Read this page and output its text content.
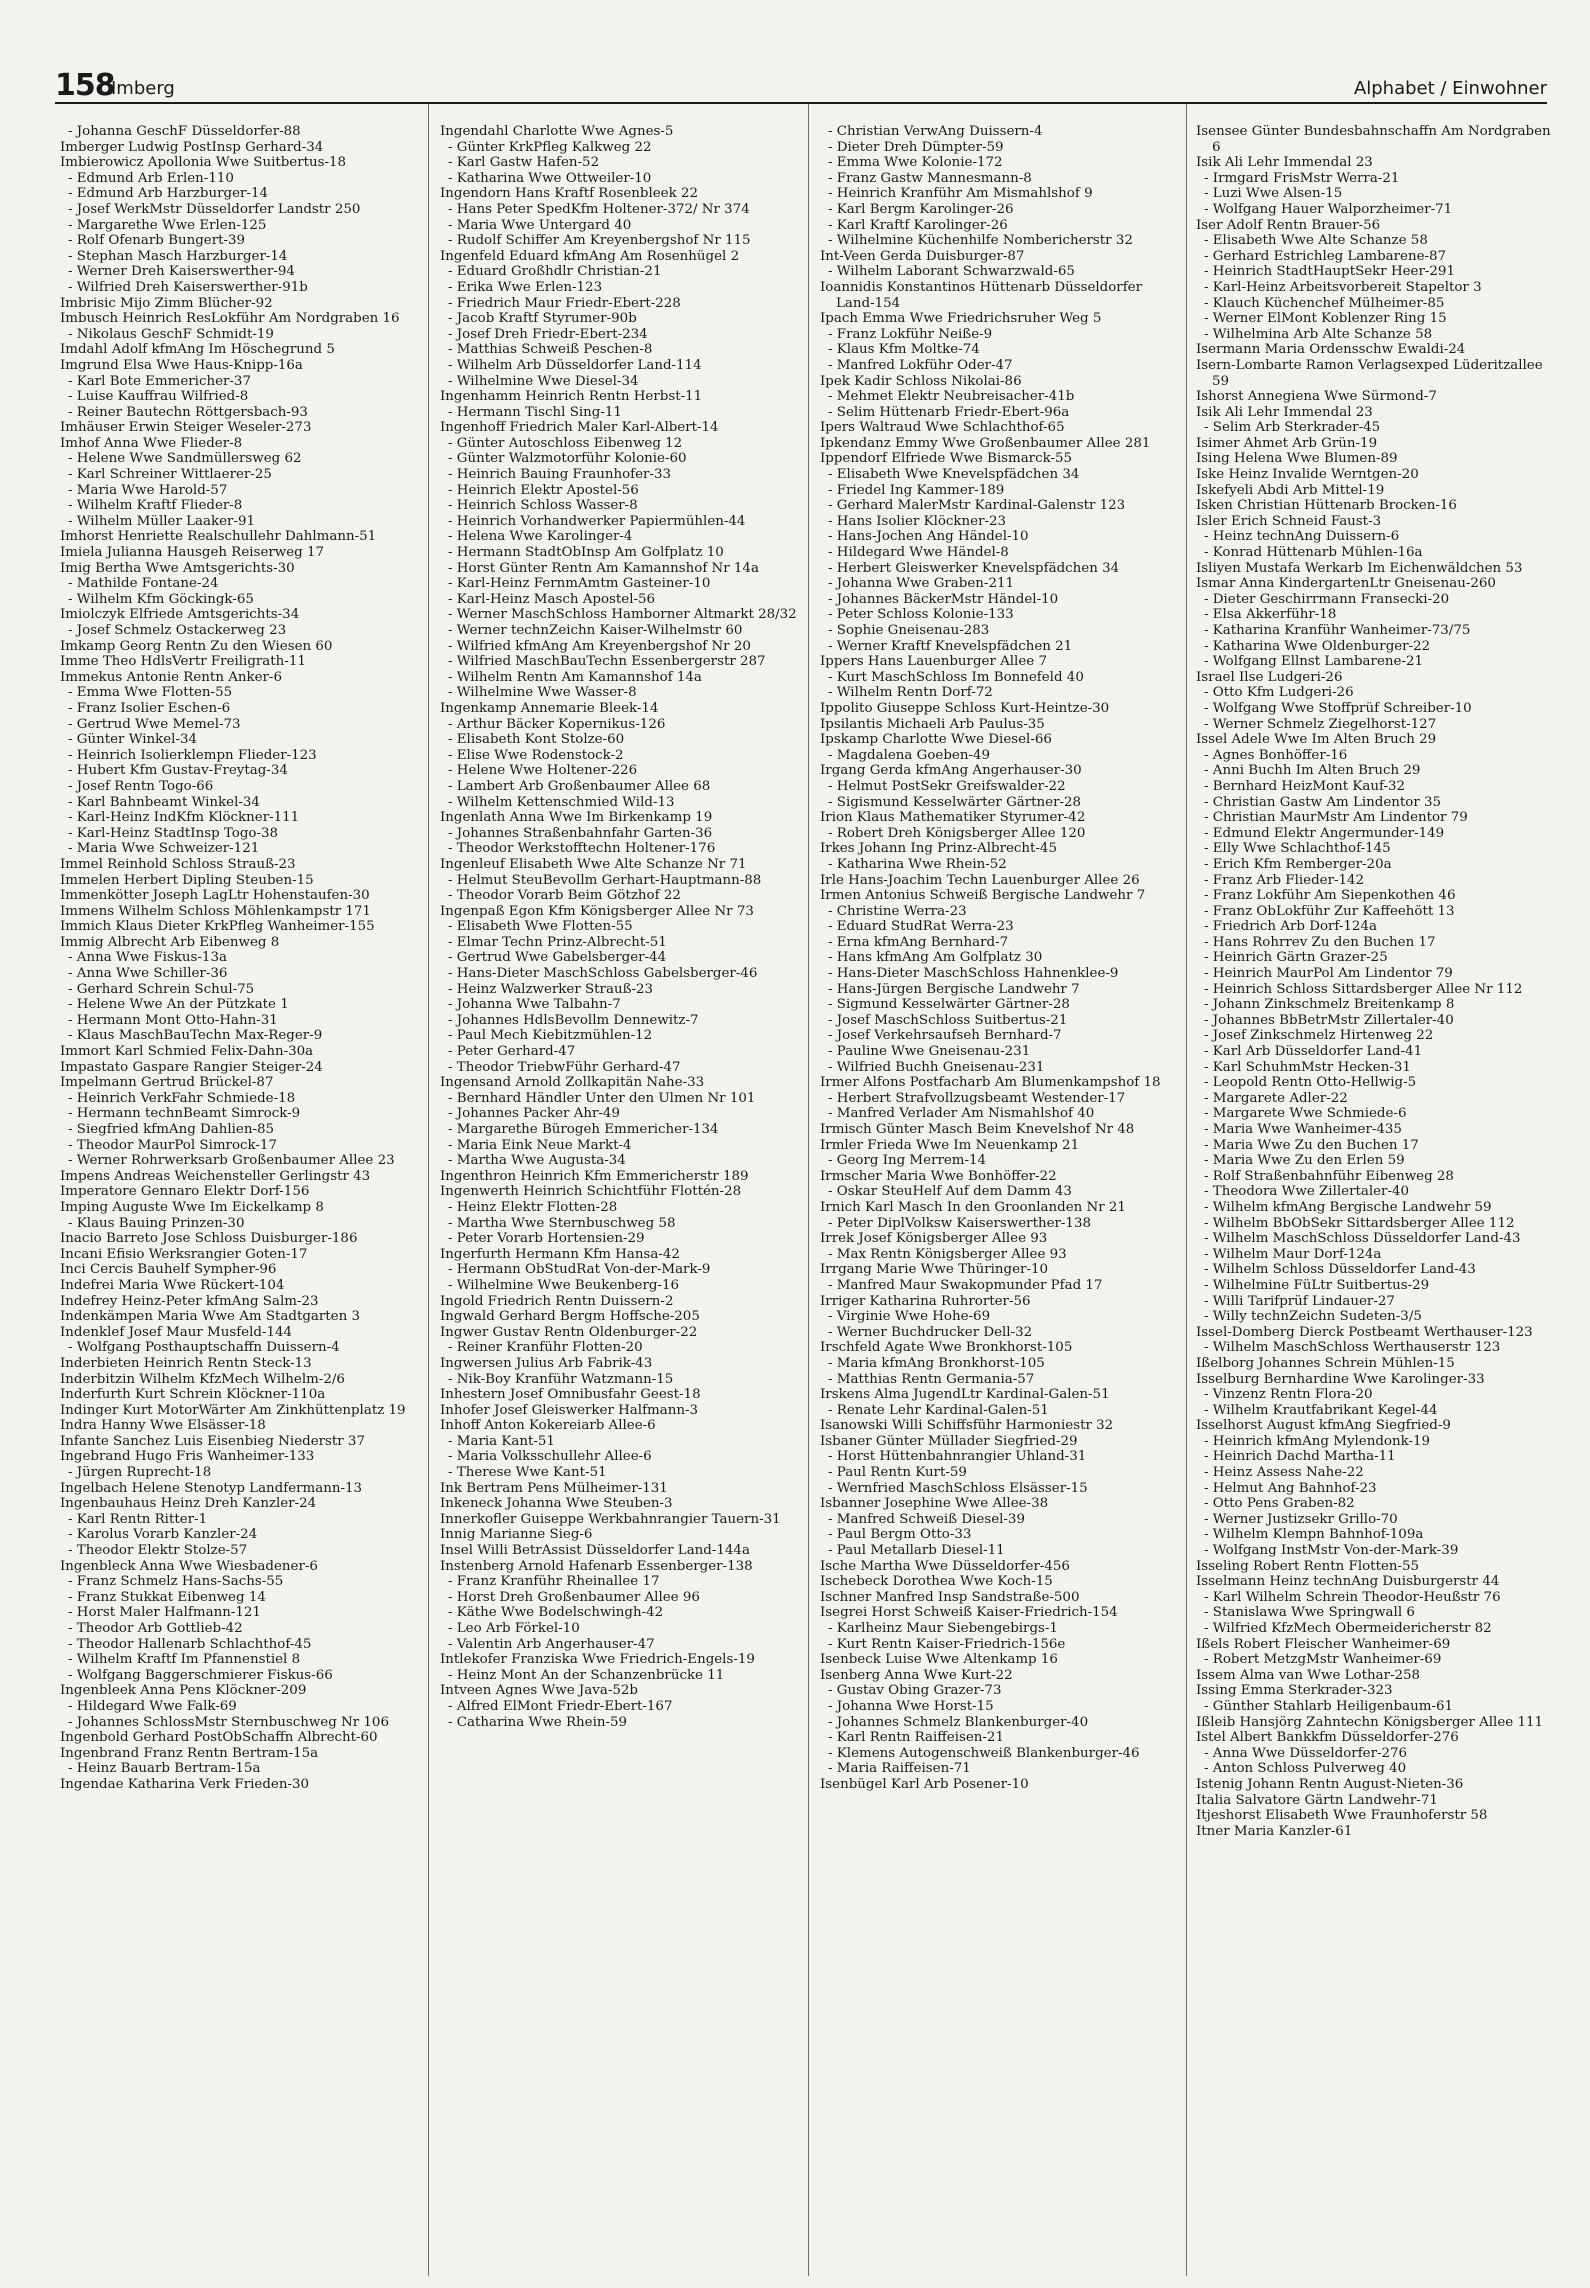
158
Imberg	Alphabet / Einwohner
- Johanna GeschF Düsseldorfer-88
Imberger Ludwig PostInsp Gerhard-34
Imbierowicz Apollonia Wwe Suitbertus-18
- Edmund Arb Erlen-110
- Edmund Arb Harzburger-14
- Josef WerkMstr Düsseldorfer Landstr 250
- Margarethe Wwe Erlen-125
- Rolf Ofenarb Bungert-39
- Stephan Masch Harzburger-14
- Werner Dreh Kaiserswerther-94
- Wilfried Dreh Kaiserswerther-91b
Imbrisic Mijo Zimm Blücher-92
Imbusch Heinrich ResLokführ Am Nordgraben 16
- Nikolaus GeschF Schmidt-19
Imdahl Adolf kfmAng Im Höschegrund 5
Imgrund Elsa Wwe Haus-Knipp-16a
- Karl Bote Emmericher-37
- Luise Kauffrau Wilfried-8
- Reiner Bautechn Röttgersbach-93
Imhäuser Erwin Steiger Weseler-273
Imhof Anna Wwe Flieder-8
- Helene Wwe Sandmüllersweg 62
- Karl Schreiner Wittlaerer-25
- Maria Wwe Harold-57
- Wilhelm Kraftf Flieder-8
- Wilhelm Müller Laaker-91
Imhorst Henriette Realschullehr Dahlmann-51
Imiela Julianna Hausgeh Reiserweg 17
Imig Bertha Wwe Amtsgerichts-30
- Mathilde Fontane-24
- Wilhelm Kfm Göckingk-65
Imiolczyk Elfriede Amtsgerichts-34
- Josef Schmelz Ostackerweg 23
Imkamp Georg Rentn Zu den Wiesen 60
Imme Theo HdlsVertr Freiligrath-11
Immekus Antonie Rentn Anker-6
- Emma Wwe Flotten-55
- Franz Isolier Eschen-6
- Gertrud Wwe Memel-73
- Günter Winkel-34
- Heinrich Isolierklempn Flieder-123
- Hubert Kfm Gustav-Freytag-34
- Josef Rentn Togo-66
- Karl Bahnbeamt Winkel-34
- Karl-Heinz IndKfm Klöckner-111
- Karl-Heinz StadtInsp Togo-38
- Maria Wwe Schweizer-121
Immel Reinhold Schloss Strauß-23
Immelen Herbert Dipling Steuben-15
Immenkötter Joseph LagLtr Hohenstaufen-30
Immens Wilhelm Schloss Möhlenkampstr 171
Immich Klaus Dieter KrkPfleg Wanheimer-155
Immig Albrecht Arb Eibenweg 8
- Anna Wwe Fiskus-13a
- Anna Wwe Schiller-36
- Gerhard Schrein Schul-75
- Helene Wwe An der Pützkate 1
- Hermann Mont Otto-Hahn-31
- Klaus MaschBauTechn Max-Reger-9
Immort Karl Schmied Felix-Dahn-30a
Impastato Gaspare Rangier Steiger-24
Impelmann Gertrud Brückel-87
- Heinrich VerkFahr Schmiede-18
- Hermann technBeamt Simrock-9
- Siegfried kfmAng Dahlien-85
- Theodor MaurPol Simrock-17
- Werner Rohrwerksarb Großenbaumer Allee 23
Impens Andreas Weichensteller Gerlingstr 43
Imperatore Gennaro Elektr Dorf-156
Imping Auguste Wwe Im Eickelkamp 8
- Klaus Bauing Prinzen-30
Inacio Barreto Jose Schloss Duisburger-186
Incani Efisio Werksrangier Goten-17
Inci Cercis Bauhelf Sympher-96
Indefrei Maria Wwe Rückert-104
Indefrey Heinz-Peter kfmAng Salm-23
Indenkämpen Maria Wwe Am Stadtgarten 3
Indenklef Josef Maur Musfeld-144
- Wolfgang Posthauptschaffn Duissern-4
Inderbieten Heinrich Rentn Steck-13
Inderbitzin Wilhelm KfzMech Wilhelm-2/6
Inderfurth Kurt Schrein Klöckner-110a
Indinger Kurt MotorWärter Am Zinkhüttenplatz 19
Indra Hanny Wwe Elsässer-18
Infante Sanchez Luis Eisenbieg Niederstr 37
Ingebrand Hugo Fris Wanheimer-133
- Jürgen Ruprecht-18
Ingelbach Helene Stenotyp Landfermann-13
Ingenbauhaus Heinz Dreh Kanzler-24
- Karl Rentn Ritter-1
- Karolus Vorarb Kanzler-24
- Theodor Elektr Stolze-57
Ingenbleck Anna Wwe Wiesbadener-6
- Franz Schmelz Hans-Sachs-55
- Franz Stukkat Eibenweg 14
- Horst Maler Halfmann-121
- Theodor Arb Gottlieb-42
- Theodor Hallenarb Schlachthof-45
- Wilhelm Kraftf Im Pfannenstiel 8
- Wolfgang Baggerschmierer Fiskus-66
Ingenbleek Anna Pens Klöckner-209
- Hildegard Wwe Falk-69
- Johannes SchlossMstr Sternbuschweg Nr 106
Ingenbold Gerhard PostObSchaffn Albrecht-60
Ingenbrand Franz Rentn Bertram-15a
- Heinz Bauarb Bertram-15a
Ingendae Katharina Verk Frieden-30
Ingendahl Charlotte Wwe Agnes-5
- Günter KrkPfleg Kalkweg 22
- Karl Gastw Hafen-52
- Katharina Wwe Ottweiler-10
Ingendorn Hans Kraftf Rosenbleek 22
- Hans Peter SpedKfm Holtener-372/ Nr 374
- Maria Wwe Untergard 40
- Rudolf Schiffer Am Kreyenbergshof Nr 115
Ingenfeld Eduard kfmAng Am Rosenhügel 2
- Eduard Großhdlr Christian-21
- Erika Wwe Erlen-123
- Friedrich Maur Friedr-Ebert-228
- Jacob Kraftf Styrumer-90b
- Josef Dreh Friedr-Ebert-234
- Matthias Schweiß Peschen-8
- Wilhelm Arb Düsseldorfer Land-114
- Wilhelmine Wwe Diesel-34
Ingenhamm Heinrich Rentn Herbst-11
- Hermann Tischl Sing-11
Ingenhoff Friedrich Maler Karl-Albert-14
- Günter Autoschloss Eibenweg 12
- Günter Walzmotorführ Kolonie-60
- Heinrich Bauing Fraunhofer-33
- Heinrich Elektr Apostel-56
- Heinrich Schloss Wasser-8
- Heinrich Vorhandwerker Papiermühlen-44
- Helena Wwe Karolinger-4
- Hermann StadtObInsp Am Golfplatz 10
- Horst Günter Rentn Am Kamannshof Nr 14a
- Karl-Heinz FernmAmtm Gasteiner-10
- Karl-Heinz Masch Apostel-56
- Werner MaschSchloss Hamborner Altmarkt 28/32
- Werner technZeichn Kaiser-Wilhelmstr 60
- Wilfried kfmAng Am Kreyenbergshof Nr 20
- Wilfried MaschBauTechn Essenbergerstr 287
- Wilhelm Rentn Am Kamannshof 14a
- Wilhelmine Wwe Wasser-8
Ingenkamp Annemarie Bleek-14
- Arthur Bäcker Kopernikus-126
- Elisabeth Kont Stolze-60
- Elise Wwe Rodenstock-2
- Helene Wwe Holtener-226
- Lambert Arb Großenbaumer Allee 68
- Wilhelm Kettenschmied Wild-13
Ingenlath Anna Wwe Im Birkenkamp 19
- Johannes Straßenbahnfahr Garten-36
- Theodor Werkstofftechn Holtener-176
Ingenleuf Elisabeth Wwe Alte Schanze Nr 71
- Helmut SteuBevollm Gerhart-Hauptmann-88
- Theodor Vorarb Beim Götzhof 22
Ingenpaß Egon Kfm Königsberger Allee Nr 73
- Elisabeth Wwe Flotten-55
- Elmar Techn Prinz-Albrecht-51
- Gertrud Wwe Gabelsberger-44
- Hans-Dieter MaschSchloss Gabelsberger-46
- Heinz Walzwerker Strauß-23
- Johanna Wwe Talbahn-7
- Johannes HdlsBevollm Dennewitz-7
- Paul Mech Kiebitzmühlen-12
- Peter Gerhard-47
- Theodor TriebwFühr Gerhard-47
Ingensand Arnold Zollkapitän Nahe-33
- Bernhard Händler Unter den Ulmen Nr 101
- Johannes Packer Ahr-49
- Margarethe Bürogeh Emmericher-134
- Maria Eink Neue Markt-4
- Martha Wwe Augusta-34
Ingenthron Heinrich Kfm Emmericherstr 189
Ingenwerth Heinrich Schichtführ Flottén-28
- Heinz Elektr Flotten-28
- Martha Wwe Sternbuschweg 58
- Peter Vorarb Hortensien-29
Ingerfurth Hermann Kfm Hansa-42
- Hermann ObStudRat Von-der-Mark-9
- Wilhelmine Wwe Beukenberg-16
Ingold Friedrich Rentn Duissern-2
Ingwald Gerhard Bergm Hoffsche-205
Ingwer Gustav Rentn Oldenburger-22
- Reiner Kranführ Flotten-20
Ingwersen Julius Arb Fabrik-43
- Nik-Boy Kranführ Watzmann-15
Inhestern Josef Omnibusfahr Geest-18
Inhofer Josef Gleiswerker Halfmann-3
Inhoff Anton Kokereiarb Allee-6
- Maria Kant-51
- Maria Volksschullehr Allee-6
- Therese Wwe Kant-51
Ink Bertram Pens Mülheimer-131
Inkeneck Johanna Wwe Steuben-3
Innerkofler Guiseppe Werkbahnrangier Tauern-31
Innig Marianne Sieg-6
Insel Willi BetrAssist Düsseldorfer Land-144a
Instenberg Arnold Hafenarb Essenberger-138
- Franz Kranführ Rheinallee 17
- Horst Dreh Großenbaumer Allee 96
- Käthe Wwe Bodelschwingh-42
- Leo Arb Förkel-10
- Valentin Arb Angerhauser-47
Intlekofer Franziska Wwe Friedrich-Engels-19
- Heinz Mont An der Schanzenbrücke 11
Intveen Agnes Wwe Java-52b
- Alfred ElMont Friedr-Ebert-167
- Catharina Wwe Rhein-59
- Christian VerwAng Duissern-4
- Dieter Dreh Dümpter-59
- Emma Wwe Kolonie-172
- Franz Gastw Mannesmann-8
- Heinrich Kranführ Am Mismahlshof 9
- Karl Bergm Karolinger-26
- Karl Kraftf Karolinger-26
- Wilhelmine Küchenhilfe Nombericherstr 32
Int-Veen Gerda Duisburger-87
- Wilhelm Laborant Schwarzwald-65
Ioannidis Konstantinos Hüttenarb Düsseldorfer Land-154
Ipach Emma Wwe Friedrichsruher Weg 5
- Franz Lokführ Neiße-9
- Klaus Kfm Moltke-74
- Manfred Lokführ Oder-47
Ipek Kadir Schloss Nikolai-86
- Mehmet Elektr Neubreisacher-41b
- Selim Hüttenarb Friedr-Ebert-96a
Ipers Waltraud Wwe Schlachthof-65
Ipkendanz Emmy Wwe Großenbaumer Allee 281
Ippendorf Elfriede Wwe Bismarck-55
- Elisabeth Wwe Knevelspfädchen 34
- Friedel Ing Kammer-189
- Gerhard MalerMstr Kardinal-Galenstr 123
- Hans Isolier Klöckner-23
- Hans-Jochen Ang Händel-10
- Hildegard Wwe Händel-8
- Herbert Gleiswerker Knevelspfädchen 34
- Johanna Wwe Graben-211
- Johannes BäckerMstr Händel-10
- Peter Schloss Kolonie-133
- Sophie Gneisenau-283
- Werner Kraftf Knevelspfädchen 21
Ippers Hans Lauenburger Allee 7
- Kurt MaschSchloss Im Bonnefeld 40
- Wilhelm Rentn Dorf-72
Ippolito Giuseppe Schloss Kurt-Heintze-30
Ipsilantis Michaeli Arb Paulus-35
Ipskamp Charlotte Wwe Diesel-66
- Magdalena Goeben-49
Irgang Gerda kfmAng Angerhauser-30
- Helmut PostSekr Greifswalder-22
- Sigismund Kesselwärter Gärtner-28
Irion Klaus Mathematiker Styrumer-42
- Robert Dreh Königsberger Allee 120
Irkes Johann Ing Prinz-Albrecht-45
- Katharina Wwe Rhein-52
Irle Hans-Joachim Techn Lauenburger Allee 26
Irmen Antonius Schweiß Bergische Landwehr 7
- Christine Werra-23
- Eduard StudRat Werra-23
- Erna kfmAng Bernhard-7
- Hans kfmAng Am Golfplatz 30
- Hans-Dieter MaschSchloss Hahnenklee-9
- Hans-Jürgen Bergische Landwehr 7
- Sigmund Kesselwärter Gärtner-28
- Josef MaschSchloss Suitbertus-21
- Josef Verkehrsaufseh Bernhard-7
- Pauline Wwe Gneisenau-231
- Wilfried Buchh Gneisenau-231
Irmer Alfons Postfacharb Am Blumenkampshof 18
- Herbert Strafvollzugsbeamt Westender-17
- Manfred Verlader Am Nismahlshof 40
Irmisch Günter Masch Beim Knevelshof Nr 48
Irmler Frieda Wwe Im Neuenkamp 21
- Georg Ing Merrem-14
Irmscher Maria Wwe Bonhöffer-22
- Oskar SteuHelf Auf dem Damm 43
Irnich Karl Masch In den Groonlanden Nr 21
- Peter DiplVolksw Kaiserswerther-138
Irrek Josef Königsberger Allee 93
- Max Rentn Königsberger Allee 93
Irrgang Marie Wwe Thüringer-10
- Manfred Maur Swakopmunder Pfad 17
Irriger Katharina Ruhrorter-56
- Virginie Wwe Hohe-69
- Werner Buchdrucker Dell-32
Irschfeld Agate Wwe Bronkhorst-105
- Maria kfmAng Bronkhorst-105
- Matthias Rentn Germania-57
Irskens Alma JugendLtr Kardinal-Galen-51
- Renate Lehr Kardinal-Galen-51
Isanowski Willi Schiffsführ Harmoniestr 32
Isbaner Günter Müllader Siegfried-29
- Horst Hüttenbahnrangier Uhland-31
- Paul Rentn Kurt-59
- Wernfried MaschSchloss Elsässer-15
Isbanner Josephine Wwe Allee-38
- Manfred Schweiß Diesel-39
- Paul Bergm Otto-33
- Paul Metallarb Diesel-11
Ische Martha Wwe Düsseldorfer-456
Ischebeck Dorothea Wwe Koch-15
Ischner Manfred Insp Sandstraße-500
Isegrei Horst Schweiß Kaiser-Friedrich-154
- Karlheinz Maur Siebengebirgs-1
- Kurt Rentn Kaiser-Friedrich-156e
Isenbeck Luise Wwe Altenkamp 16
Isenberg Anna Wwe Kurt-22
- Gustav Obing Grazer-73
- Johanna Wwe Horst-15
- Johannes Schmelz Blankenburger-40
- Karl Rentn Raiffeisen-21
- Klemens Autogenschweiß Blankenburger-46
- Maria Raiffeisen-71
Isenbügel Karl Arb Posener-10
Isensee Günter Bundesbahnschaffn Am Nordgraben 6
Isik Ali Lehr Immendal 23
- Irmgard FrisMstr Werra-21
- Luzi Wwe Alsen-15
- Wolfgang Hauer Walporzheimer-71
Iser Adolf Rentn Brauer-56
- Elisabeth Wwe Alte Schanze 58
- Gerhard Estrichleg Lambarene-87
- Heinrich StadtHauptSekr Heer-291
- Karl-Heinz Arbeitsvorbereit Stapeltor 3
- Klauch Küchenchef Mülheimer-85
- Werner ElMont Koblenzer Ring 15
- Wilhelmina Arb Alte Schanze 58
Isermann Maria Ordensschw Ewaldi-24
Isern-Lombarte Ramon Verlagsexped Lüderitzallee 59
Ishorst Annegiena Wwe Sürmond-7
Isik Ali Lehr Immendal 23
- Selim Arb Sterkrader-45
Isimer Ahmet Arb Grün-19
Ising Helena Wwe Blumen-89
Iske Heinz Invalide Werntgen-20
Iskefyeli Abdi Arb Mittel-19
Isken Christian Hüttenarb Brocken-16
Isler Erich Schneid Faust-3
- Heinz technAng Duissern-6
- Konrad Hüttenarb Mühlen-16a
Isliyen Mustafa Werkarb Im Eichenwäldchen 53
Ismar Anna KindergartenLtr Gneisenau-260
- Dieter Geschirrmann Fransecki-20
- Elsa Akkerführ-18
- Katharina Kranführ Wanheimer-73/75
- Katharina Wwe Oldenburger-22
- Wolfgang Ellnst Lambarene-21
Israel Ilse Ludgeri-26
- Otto Kfm Ludgeri-26
- Wolfgang Wwe Stoffprüf Schreiber-10
- Werner Schmelz Ziegelhorst-127
Issel Adele Wwe Im Alten Bruch 29
- Agnes Bonhöffer-16
- Anni Buchh Im Alten Bruch 29
- Bernhard HeizMont Kauf-32
- Christian Gastw Am Lindentor 35
- Christian MaurMstr Am Lindentor 79
- Edmund Elektr Angermunder-149
- Elly Wwe Schlachthof-145
- Erich Kfm Remberger-20a
- Franz Arb Flieder-142
- Franz Lokführ Am Siepenkothen 46
- Franz ObLokführ Zur Kaffeehött 13
- Friedrich Arb Dorf-124a
- Hans Rohrrev Zu den Buchen 17
- Heinrich Gärtn Grazer-25
- Heinrich MaurPol Am Lindentor 79
- Heinrich Schloss Sittardsberger Allee Nr 112
- Johann Zinkschmelz Breitenkamp 8
- Johannes BbBetrMstr Zillertaler-40
- Josef Zinkschmelz Hirtenweg 22
- Karl Arb Düsseldorfer Land-41
- Karl SchuhmMstr Hecken-31
- Leopold Rentn Otto-Hellwig-5
- Margarete Adler-22
- Margarete Wwe Schmiede-6
- Maria Wwe Wanheimer-435
- Maria Wwe Zu den Buchen 17
- Maria Wwe Zu den Erlen 59
- Rolf Straßenbahnführ Eibenweg 28
- Theodora Wwe Zillertaler-40
- Wilhelm kfmAng Bergische Landwehr 59
- Wilhelm BbObSekr Sittardsberger Allee 112
- Wilhelm MaschSchloss Düsseldorfer Land-43
- Wilhelm Maur Dorf-124a
- Wilhelm Schloss Düsseldorfer Land-43
- Wilhelmine FüLtr Suitbertus-29
- Willi Tarifprüf Lindauer-27
- Willy technZeichn Sudeten-3/5
Issel-Domberg Dierck Postbeamt Werthauser-123
- Wilhelm MaschSchloss Werthauserstr 123
Ißelborg Johannes Schrein Mühlen-15
Isselburg Bernhardine Wwe Karolinger-33
- Vinzenz Rentn Flora-20
- Wilhelm Krautfabrikant Kegel-44
Isselhorst August kfmAng Siegfried-9
- Heinrich kfmAng Mylendonk-19
- Heinrich Dachd Martha-11
- Heinz Assess Nahe-22
- Helmut Ang Bahnhof-23
- Otto Pens Graben-82
- Werner Justizsekr Grillo-70
- Wilhelm Klempn Bahnhof-109a
- Wolfgang InstMstr Von-der-Mark-39
Isseling Robert Rentn Flotten-55
Isselmann Heinz technAng Duisburgerstr 44
- Karl Wilhelm Schrein Theodor-Heußstr 76
- Stanislawa Wwe Springwall 6
- Wilfried KfzMech Obermeidericherstr 82
Ißels Robert Fleischer Wanheimer-69
- Robert MetzgMstr Wanheimer-69
Issem Alma van Wwe Lothar-258
Issing Emma Sterkrader-323
- Günther Stahlarb Heiligenbaum-61
Ißleib Hansjörg Zahntechn Königsberger Allee 111
Istel Albert Bankkfm Düsseldorfer-276
- Anna Wwe Düsseldorfer-276
- Anton Schloss Pulverweg 40
Istenig Johann Rentn August-Nieten-36
Italia Salvatore Gärtn Landwehr-71
Itjeshorst Elisabeth Wwe Fraunhoferstr 58
Itner Maria Kanzler-61
